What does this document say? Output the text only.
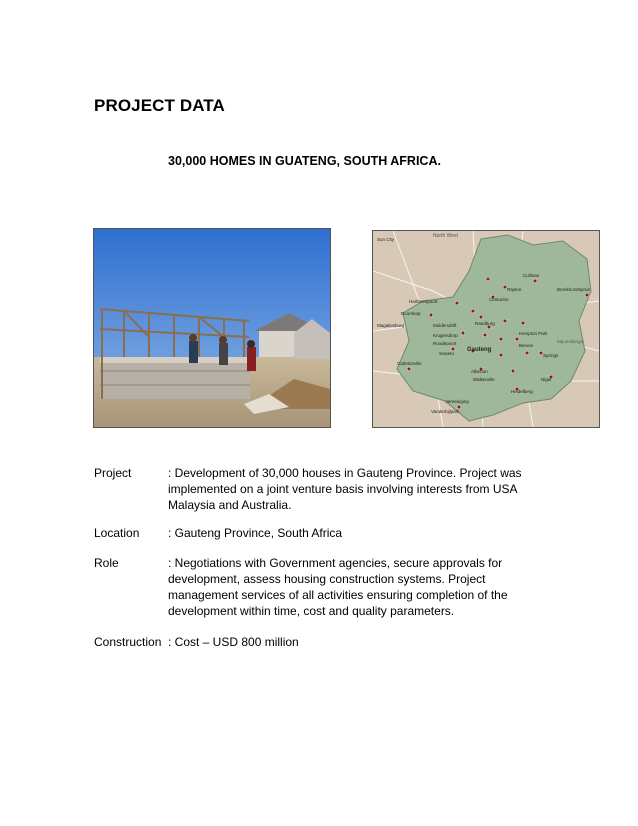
PROJECT DATA
30,000 HOMES IN GUATENG, SOUTH AFRICA.
Sun City
North West
Gauteng
Mpumalanga
Cullinan
Bronkhorstspruit
Rayton
Centurion
Hartbeespoort
Randburg
Kempton Park
Benoni
Springs
Nigel
Heidelberg
Alberton
Walkerville
Vereeniging
Vanderbijlpark
Carletonville
Soweto
Krugersdorp
Roodepoort
Magaliesburg	Muldersdrift
Doornkop
Project	: Development of 30,000 houses in Gauteng Province. Project was
implemented on a joint venture basis involving interests from USA
Malaysia and Australia.
Location	: Gauteng Province, South Africa
Role	: Negotiations with Government agencies, secure approvals for
development, assess housing construction systems. Project
management services of all activities ensuring completion of the
development within time, cost and quality parameters.
Construction : Cost – USD 800 million
